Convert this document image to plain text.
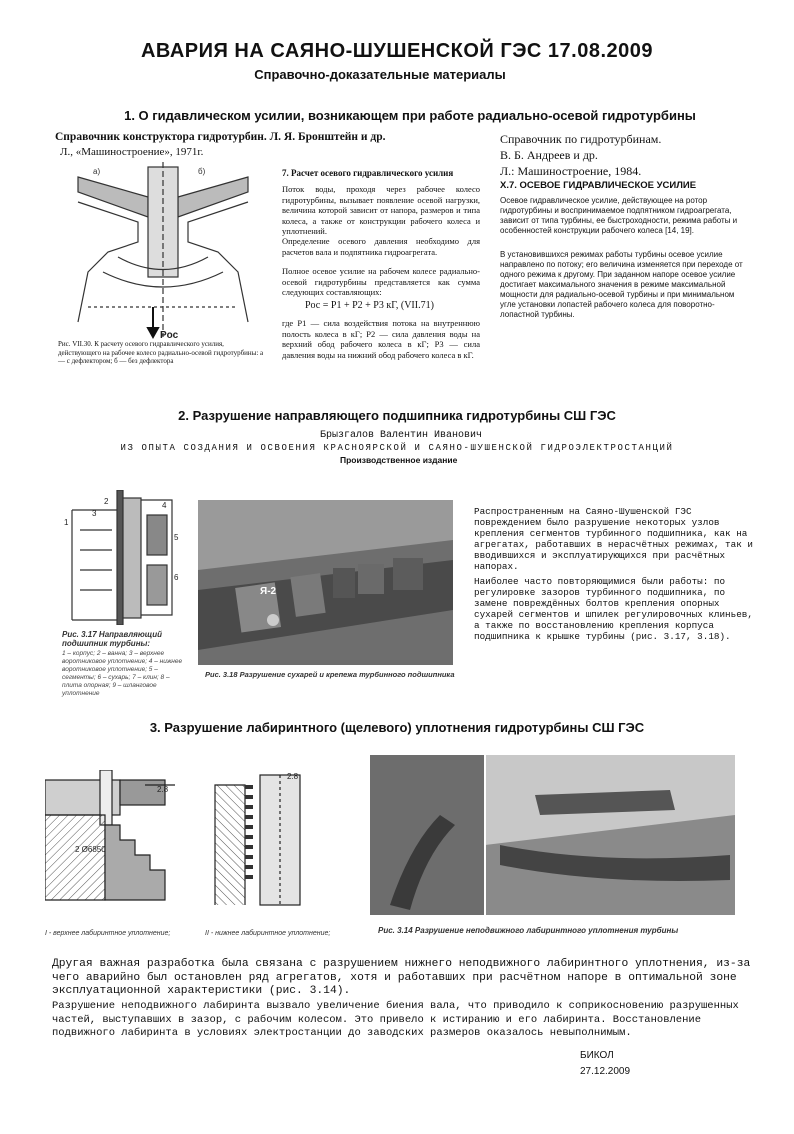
АВАРИЯ НА САЯНО-ШУШЕНСКОЙ ГЭС 17.08.2009
Справочно-доказательные материалы
1. О гидавлическом усилии, возникающем при работе радиально-осевой гидротурбины
Справочник конструктора гидротурбин. Л. Я. Бронштейн и др.
Л., «Машиностроение», 1971г.
Pос
а)	б)
Рис. VII.30. К расчету осевого гидравлического усилия, действующего на рабочее колесо радиально-осевой гидротурбины: а — с дефлектором; б — без дефлектора
7. Расчет осевого гидравлического усилия
Поток воды, проходя через рабочее колесо гидротурбины, вызывает появление осевой нагрузки, величина которой зависит от напора, размеров и типа колеса, а также от конструкции рабочего колеса и уплотнений.
Определение осевого давления необходимо для расчетов вала и подпятника гидроагрегата.
Полное осевое усилие на рабочем колесе радиально-осевой гидротурбины представляется как сумма следующих составляющих:
Pос = P1 + P2 + P3 кГ, (VII.71)
где P1 — сила воздействия потока на внутреннюю полость колеса в кГ; P2 — сила давления воды на верхний обод рабочего колеса в кГ; P3 — сила давления воды на нижний обод рабочего колеса в кГ.
Справочник по гидротурбинам.
В. Б. Андреев и др.
Л.: Машиностроение, 1984.
X.7. ОСЕВОЕ ГИДРАВЛИЧЕСКОЕ УСИЛИЕ
Осевое гидравлическое усилие, действующее на ротор гидротурбины и воспринимаемое подпятником гидроагрегата, зависит от типа турбины, ее быстроходности, режима работы и особенностей конструкции рабочего колеса [14, 19].
В установившихся режимах работы турбины осевое усилие направлено по потоку; его величина изменяется при переходе от одного режима к другому. При заданном напоре осевое усилие достигает максимального значения в режиме максимальной мощности для радиально-осевой турбины и при минимальном угле установки лопастей рабочего колеса для поворотно-лопастной турбины.
2. Разрушение направляющего подшипника гидротурбины СШ ГЭС
Брызгалов Валентин Иванович
ИЗ ОПЫТА СОЗДАНИЯ И ОСВОЕНИЯ КРАСНОЯРСКОЙ И САЯНО-ШУШЕНСКОЙ ГИДРОЭЛЕКТРОСТАНЦИЙ
Производственное издание
1
2
3
4
5
6
Рис. 3.17 Направляющий подшипник турбины:
1 – корпус; 2 – ванна; 3 – верхнее воротниковое уплотнение; 4 – нижнее воротниковое уплотнение; 5 – сегменты; 6 – сухарь; 7 – клин; 8 – плита опорная; 9 – шланговое уплотнение
Я-2
Рис. 3.18 Разрушение сухарей и крепежа турбинного подшипника
Распространенным на Саяно-Шушенской ГЭС повреждением было разрушение некоторых узлов крепления сегментов турбинного подшипника, как на агрегатах, работавших в нерасчётных режимах, так и вводившихся и эксплуатирующихся при расчётных напорах.
Наиболее часто повторяющимися были работы: по регулировке зазоров турбинного подшипника, по замене повреждённых болтов крепления опорных сухарей сегментов и шпилек регулировочных клиньев, а также по восстановлению крепления корпуса подшипника к крышке турбины (рис. 3.17, 3.18).
3. Разрушение лабиринтного (щелевого) уплотнения гидротурбины СШ ГЭС
2.8
2 Ø6850
2.8
I - верхнее лабиринтное уплотнение;	II - нижнее лабиринтное уплотнение;	Рис. 3.14 Разрушение неподвижного лабиринтного уплотнения турбины
Другая важная разработка была связана с разрушением нижнего неподвижного лабиринтного уплотнения, из-за чего аварийно был остановлен ряд агрегатов, хотя и работавших при расчётном напоре в оптимальной зоне эксплуатационной характеристики (рис. 3.14).
Разрушение неподвижного лабиринта вызвало увеличение биения вала, что приводило к соприкосновению разрушенных частей, выступавших в зазор, с рабочим колесом. Это привело к истиранию и его лабиринта. Восстановление подвижного лабиринта в условиях электростанции до заводских размеров оказалось невыполнимым.
БИКОЛ
27.12.2009
